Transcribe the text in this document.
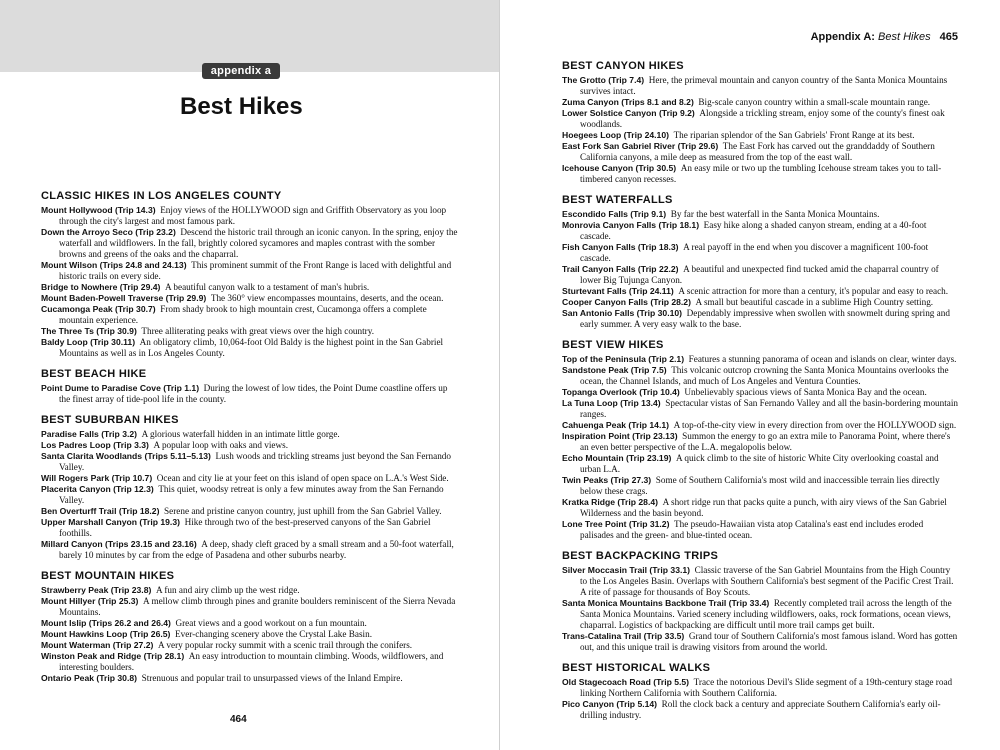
appendix a
Best Hikes
CLASSIC HIKES IN LOS ANGELES COUNTY
Mount Hollywood (Trip 14.3)  Enjoy views of the HOLLYWOOD sign and Griffith Observatory as you loop through the city's largest and most famous park.
Down the Arroyo Seco (Trip 23.2)  Descend the historic trail through an iconic canyon. In the spring, enjoy the waterfall and wildflowers. In the fall, brightly colored sycamores and maples contrast with the somber browns and greens of the oaks and the chaparral.
Mount Wilson (Trips 24.8 and 24.13)  This prominent summit of the Front Range is laced with delightful and historic trails on every side.
Bridge to Nowhere (Trip 29.4)  A beautiful canyon walk to a testament of man's hubris.
Mount Baden-Powell Traverse (Trip 29.9)  The 360° view encompasses mountains, deserts, and the ocean.
Cucamonga Peak (Trip 30.7)  From shady brook to high mountain crest, Cucamonga offers a complete mountain experience.
The Three Ts (Trip 30.9)  Three alliterating peaks with great views over the high country.
Baldy Loop (Trip 30.11)  An obligatory climb, 10,064-foot Old Baldy is the highest point in the San Gabriel Mountains as well as in Los Angeles County.
BEST BEACH HIKE
Point Dume to Paradise Cove (Trip 1.1)  During the lowest of low tides, the Point Dume coastline offers up the finest array of tide-pool life in the county.
BEST SUBURBAN HIKES
Paradise Falls (Trip 3.2)  A glorious waterfall hidden in an intimate little gorge.
Los Padres Loop (Trip 3.3)  A popular loop with oaks and views.
Santa Clarita Woodlands (Trips 5.11–5.13)  Lush woods and trickling streams just beyond the San Fernando Valley.
Will Rogers Park (Trip 10.7)  Ocean and city lie at your feet on this island of open space on L.A.'s West Side.
Placerita Canyon (Trip 12.3)  This quiet, woodsy retreat is only a few minutes away from the San Fernando Valley.
Ben Overturff Trail (Trip 18.2)  Serene and pristine canyon country, just uphill from the San Gabriel Valley.
Upper Marshall Canyon (Trip 19.3)  Hike through two of the best-preserved canyons of the San Gabriel foothills.
Millard Canyon (Trips 23.15 and 23.16)  A deep, shady cleft graced by a small stream and a 50-foot waterfall, barely 10 minutes by car from the edge of Pasadena and other suburbs nearby.
BEST MOUNTAIN HIKES
Strawberry Peak (Trip 23.8)  A fun and airy climb up the west ridge.
Mount Hillyer (Trip 25.3)  A mellow climb through pines and granite boulders reminiscent of the Sierra Nevada Mountains.
Mount Islip (Trips 26.2 and 26.4)  Great views and a good workout on a fun mountain.
Mount Hawkins Loop (Trip 26.5)  Ever-changing scenery above the Crystal Lake Basin.
Mount Waterman (Trip 27.2)  A very popular rocky summit with a scenic trail through the conifers.
Winston Peak and Ridge (Trip 28.1)  An easy introduction to mountain climbing. Woods, wildflowers, and interesting boulders.
Ontario Peak (Trip 30.8)  Strenuous and popular trail to unsurpassed views of the Inland Empire.
464
Appendix A: Best Hikes 465
BEST CANYON HIKES
The Grotto (Trip 7.4)  Here, the primeval mountain and canyon country of the Santa Monica Mountains survives intact.
Zuma Canyon (Trips 8.1 and 8.2)  Big-scale canyon country within a small-scale mountain range.
Lower Solstice Canyon (Trip 9.2)  Alongside a trickling stream, enjoy some of the county's finest oak woodlands.
Hoegees Loop (Trip 24.10)  The riparian splendor of the San Gabriels' Front Range at its best.
East Fork San Gabriel River (Trip 29.6)  The East Fork has carved out the granddaddy of Southern California canyons, a mile deep as measured from the top of the east wall.
Icehouse Canyon (Trip 30.5)  An easy mile or two up the tumbling Icehouse stream takes you to tall-timbered canyon recesses.
BEST WATERFALLS
Escondido Falls (Trip 9.1)  By far the best waterfall in the Santa Monica Mountains.
Monrovia Canyon Falls (Trip 18.1)  Easy hike along a shaded canyon stream, ending at a 40-foot cascade.
Fish Canyon Falls (Trip 18.3)  A real payoff in the end when you discover a magnificent 100-foot cascade.
Trail Canyon Falls (Trip 22.2)  A beautiful and unexpected find tucked amid the chaparral country of lower Big Tujunga Canyon.
Sturtevant Falls (Trip 24.11)  A scenic attraction for more than a century, it's popular and easy to reach.
Cooper Canyon Falls (Trip 28.2)  A small but beautiful cascade in a sublime High Country setting.
San Antonio Falls (Trip 30.10)  Dependably impressive when swollen with snowmelt during spring and early summer. A very easy walk to the base.
BEST VIEW HIKES
Top of the Peninsula (Trip 2.1)  Features a stunning panorama of ocean and islands on clear, winter days.
Sandstone Peak (Trip 7.5)  This volcanic outcrop crowning the Santa Monica Mountains overlooks the ocean, the Channel Islands, and much of Los Angeles and Ventura Counties.
Topanga Overlook (Trip 10.4)  Unbelievably spacious views of Santa Monica Bay and the ocean.
La Tuna Loop (Trip 13.4)  Spectacular vistas of San Fernando Valley and all the basin-bordering mountain ranges.
Cahuenga Peak (Trip 14.1)  A top-of-the-city view in every direction from over the HOLLYWOOD sign.
Inspiration Point (Trip 23.13)  Summon the energy to go an extra mile to Panorama Point, where there's an even better perspective of the L.A. megalopolis below.
Echo Mountain (Trip 23.19)  A quick climb to the site of historic White City overlooking coastal and urban L.A.
Twin Peaks (Trip 27.3)  Some of Southern California's most wild and inaccessible terrain lies directly below these crags.
Kratka Ridge (Trip 28.4)  A short ridge run that packs quite a punch, with airy views of the San Gabriel Wilderness and the basin beyond.
Lone Tree Point (Trip 31.2)  The pseudo-Hawaiian vista atop Catalina's east end includes eroded palisades and the green- and blue-tinted ocean.
BEST BACKPACKING TRIPS
Silver Moccasin Trail (Trip 33.1)  Classic traverse of the San Gabriel Mountains from the High Country to the Los Angeles Basin. Overlaps with Southern California's best segment of the Pacific Crest Trail. A rite of passage for thousands of Boy Scouts.
Santa Monica Mountains Backbone Trail (Trip 33.4)  Recently completed trail across the length of the Santa Monica Mountains. Varied scenery including wildflowers, oaks, rock formations, ocean views, chaparral. Logistics of backpacking are difficult until more trail camps get built.
Trans-Catalina Trail (Trip 33.5)  Grand tour of Southern California's most famous island. Word has gotten out, and this unique trail is drawing visitors from around the world.
BEST HISTORICAL WALKS
Old Stagecoach Road (Trip 5.5)  Trace the notorious Devil's Slide segment of a 19th-century stage road linking Northern California with Southern California.
Pico Canyon (Trip 5.14)  Roll the clock back a century and appreciate Southern California's early oil-drilling industry.
